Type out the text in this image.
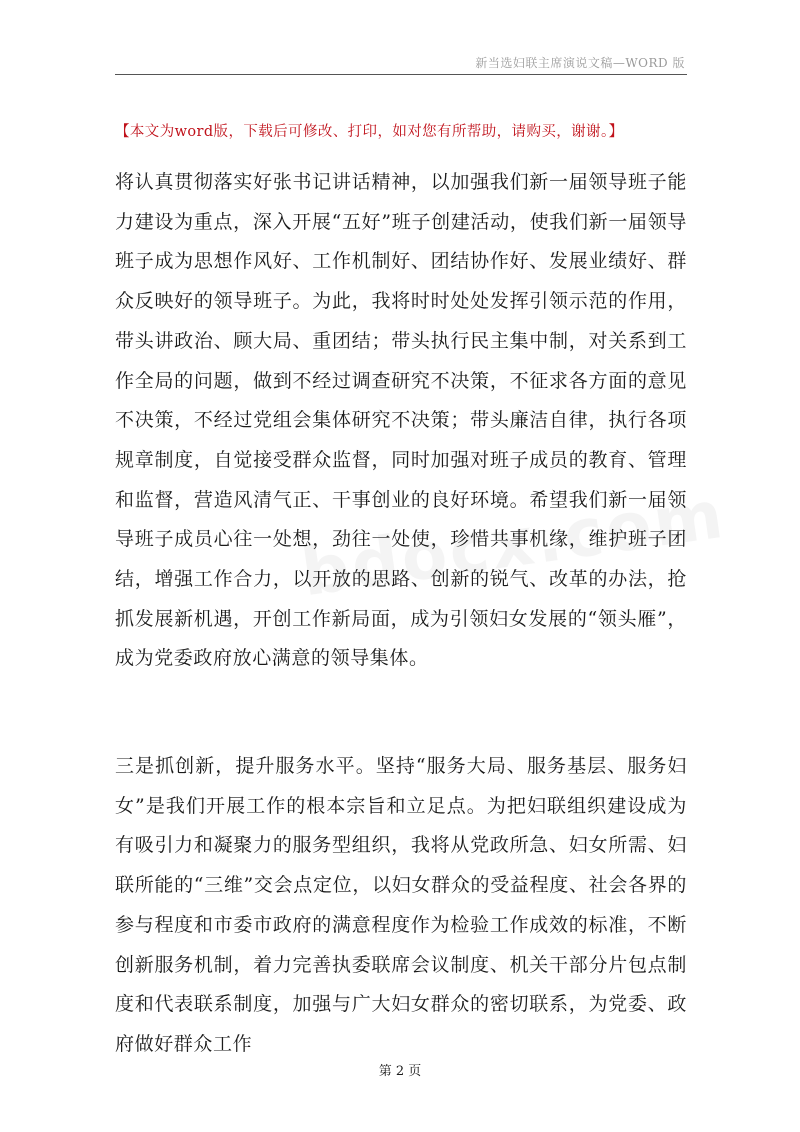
新当选妇联主席演说文稿—WORD 版
【本文为word版，下载后可修改、打印，如对您有所帮助，请购买，谢谢。】
将认真贯彻落实好张书记讲话精神，以加强我们新一届领导班子能力建设为重点，深入开展“五好”班子创建活动，使我们新一届领导班子成为思想作风好、工作机制好、团结协作好、发展业绩好、群众反映好的领导班子。为此，我将时时处处发挥引领示范的作用，带头讲政治、顾大局、重团结；带头执行民主集中制，对关系到工作全局的问题，做到不经过调查研究不决策，不征求各方面的意见不决策，不经过党组会集体研究不决策；带头廉洁自律，执行各项规章制度，自觉接受群众监督，同时加强对班子成员的教育、管理和监督，营造风清气正、干事创业的良好环境。希望我们新一届领导班子成员心往一处想，劲往一处使，珍惜共事机缘，维护班子团结，增强工作合力，以开放的思路、创新的锐气、改革的办法，抢抓发展新机遇，开创工作新局面，成为引领妇女发展的“领头雁”，成为党委政府放心满意的领导集体。
三是抓创新，提升服务水平。坚持“服务大局、服务基层、服务妇女”是我们开展工作的根本宗旨和立足点。为把妇联组织建设成为有吸引力和凝聚力的服务型组织，我将从党政所急、妇女所需、妇联所能的“三维”交会点定位，以妇女群众的受益程度、社会各界的参与程度和市委市政府的满意程度作为检验工作成效的标准，不断创新服务机制，着力完善执委联席会议制度、机关干部分片包点制度和代表联系制度，加强与广大妇女群众的密切联系，为党委、政府做好群众工作
第 2 页
